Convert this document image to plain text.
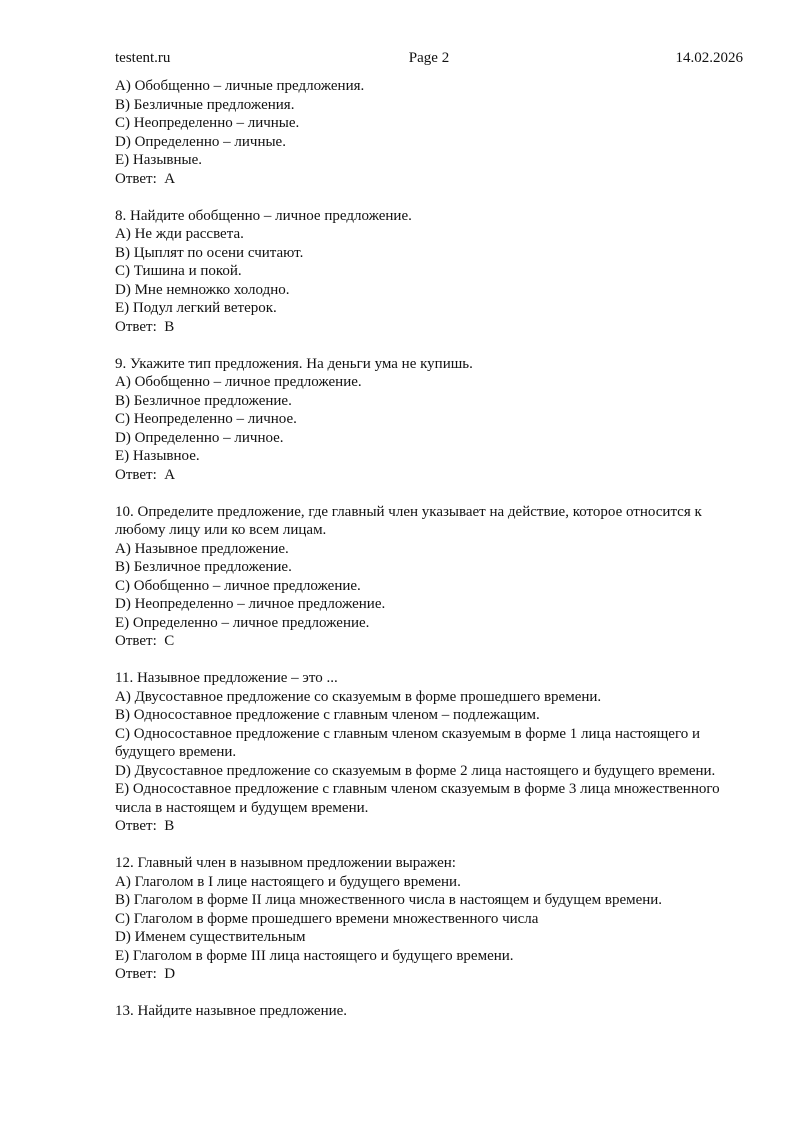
testent.ru	Page 2	14.02.2026

A) Обобщенно – личные предложения.

B) Безличные предложения.

C) Неопределенно – личные.

D) Определенно – личные.

E) Назывные.

Ответ:  A

8. Найдите обобщенно – личное предложение.

A) Не жди рассвета.

B) Цыплят по осени считают.

C) Тишина и покой.

D) Мне немножко холодно.

E) Подул легкий ветерок.

Ответ:  B

9. Укажите тип предложения. На деньги ума не купишь.

A) Обобщенно – личное предложение.

B) Безличное предложение.

C) Неопределенно – личное.

D) Определенно – личное.

E) Назывное.

Ответ:  A

10. Определите предложение, где главный член указывает на действие, которое относится к любому лицу или ко всем лицам.

A) Назывное предложение.

B) Безличное предложение.

C) Обобщенно – личное предложение.

D) Неопределенно – личное предложение.

E) Определенно – личное предложение.

Ответ:  C

11. Назывное предложение – это ...

A) Двусоставное предложение со сказуемым в форме прошедшего времени.

B) Односоставное предложение с главным членом – подлежащим.

C) Односоставное предложение с главным членом сказуемым в форме 1 лица настоящего и будущего времени.

D) Двусоставное предложение со сказуемым в форме 2 лица настоящего и будущего времени.

E) Односоставное предложение с главным членом сказуемым в форме 3 лица множественного числа в настоящем и будущем времени.

Ответ:  B

12. Главный член в назывном предложении выражен:

A) Глаголом в I лице настоящего и будущего времени.

B) Глаголом в форме II лица множественного числа в настоящем и будущем времени.

C) Глаголом в форме прошедшего времени множественного числа

D) Именем существительным

E) Глаголом в форме III лица настоящего и будущего времени.

Ответ:  D

13. Найдите назывное предложение.
